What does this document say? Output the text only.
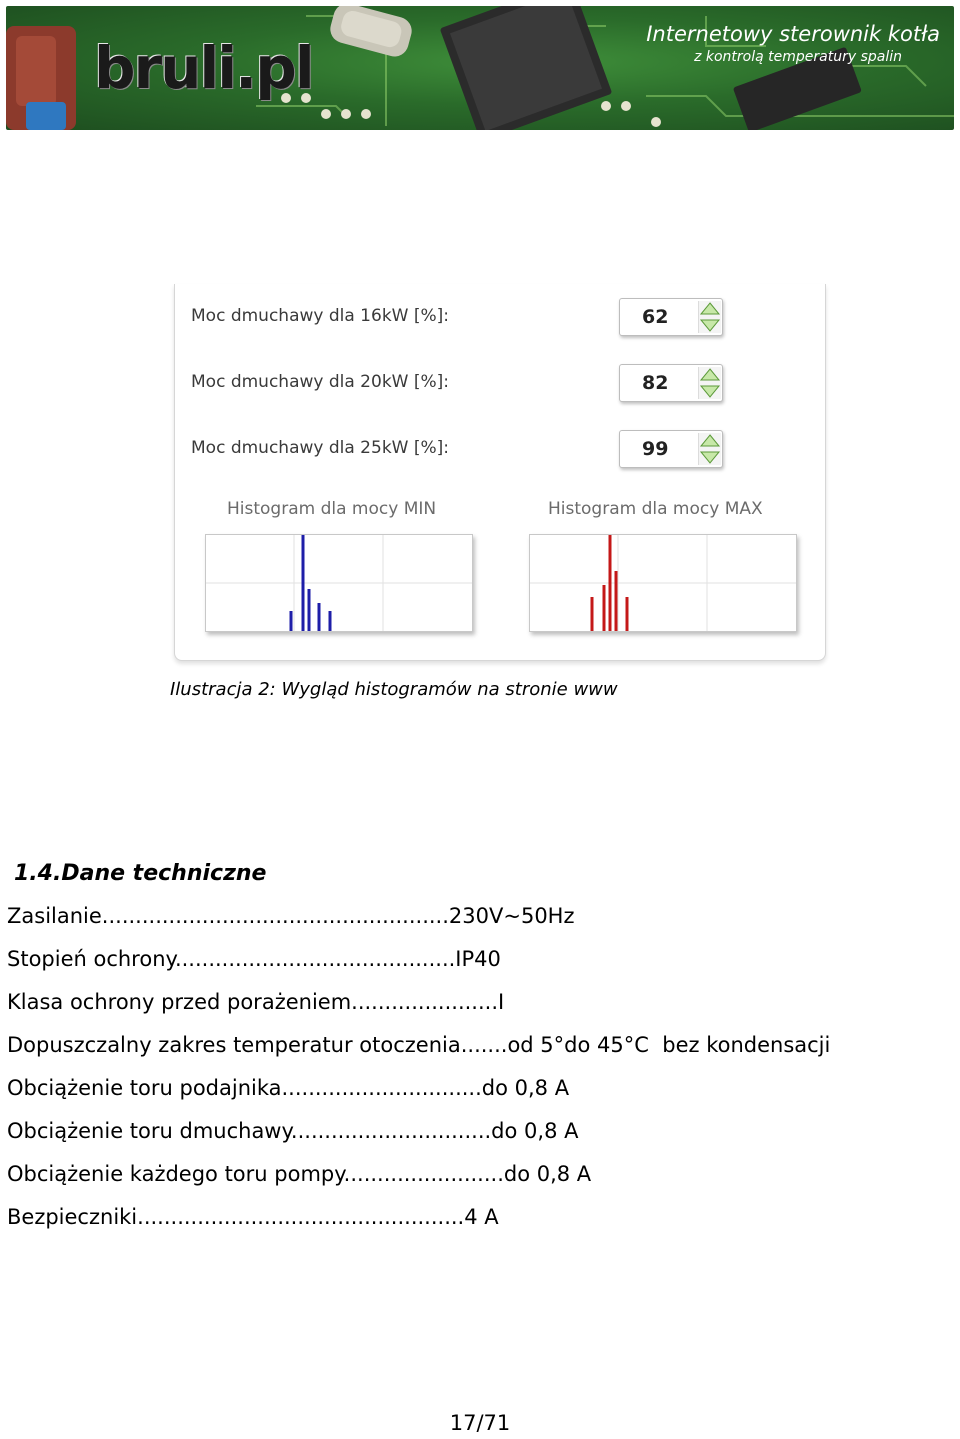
bruli.pl	Internetowy sterownik kotła
z kontrolą temperatury spalin
Moc dmuchawy dla 16kW [%]:	62
Moc dmuchawy dla 20kW [%]:	82
Moc dmuchawy dla 25kW [%]:	99
Histogram dla mocy MIN	Histogram dla mocy MAX
Ilustracja 2: Wygląd histogramów na stronie www
1.4.Dane techniczne
Zasilanie....................................................230V~50Hz
Stopień ochrony..........................................IP40
Klasa ochrony przed porażeniem......................I
Dopuszczalny zakres temperatur otoczenia.......od 5°do 45°C  bez kondensacji
Obciążenie toru podajnika..............................do 0,8 A
Obciążenie toru dmuchawy..............................do 0,8 A
Obciążenie każdego toru pompy........................do 0,8 A
Bezpieczniki.................................................4 A
17/71
